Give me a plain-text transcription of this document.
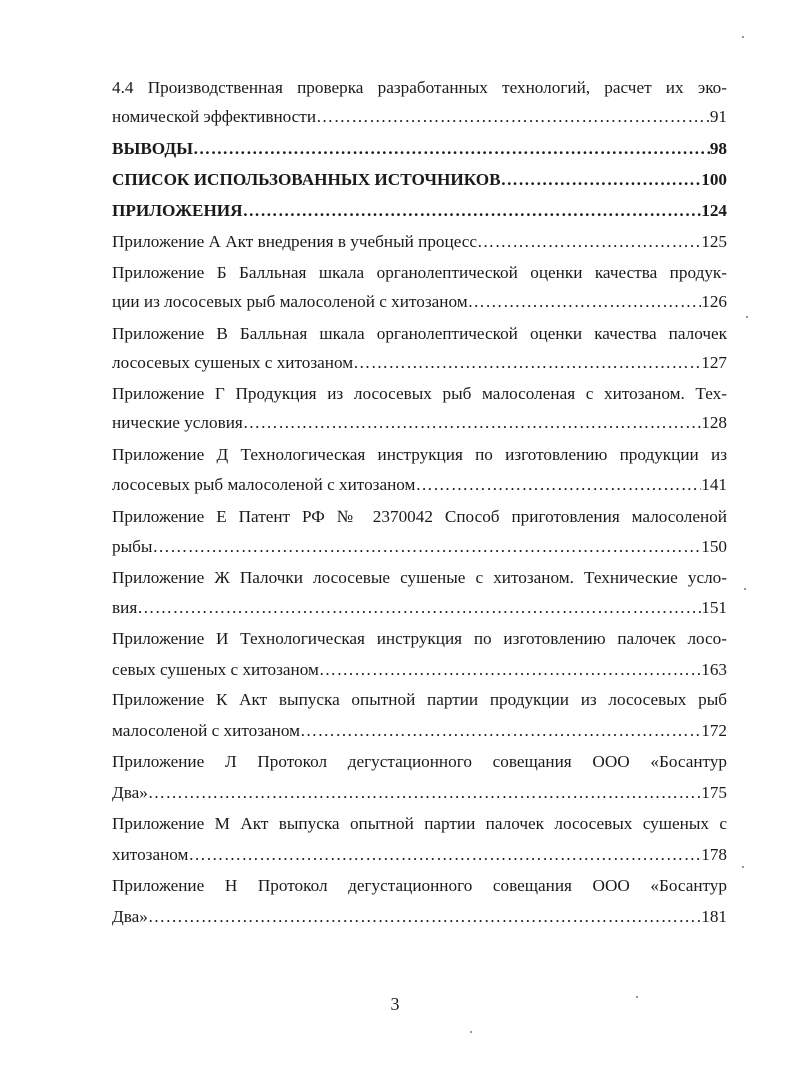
4.4 Производственная проверка разработанных технологий, расчет их эко-
номической эффективности ……………………………………………………………………………………………………………………………………………………………………………………………	91
ВЫВОДЫ ……………………………………………………………………………………………………………………………………………………………………………………………	98
СПИСОК ИСПОЛЬЗОВАННЫХ ИСТОЧНИКОВ ……………………………………………………………………………………………………………………………………………………………………………………………	100
ПРИЛОЖЕНИЯ ……………………………………………………………………………………………………………………………………………………………………………………………	124
Приложение А Акт внедрения в учебный процесс ……………………………………………………………………………………………………………………………………………………………………………………………	125
Приложение Б Балльная шкала органолептической оценки качества продук-
ции из лососевых рыб малосоленой с хитозаном ……………………………………………………………………………………………………………………………………………………………………………………………	126
Приложение В Балльная шкала органолептической оценки качества палочек
лососевых сушеных с хитозаном ……………………………………………………………………………………………………………………………………………………………………………………………	127
Приложение Г Продукция из лососевых рыб малосоленая с хитозаном. Тех-
нические условия ……………………………………………………………………………………………………………………………………………………………………………………………	128
Приложение Д Технологическая инструкция по изготовлению продукции из
лососевых рыб малосоленой с хитозаном ……………………………………………………………………………………………………………………………………………………………………………………………	141
Приложение Е Патент РФ № 2370042 Способ приготовления малосоленой
рыбы ……………………………………………………………………………………………………………………………………………………………………………………………	150
Приложение Ж Палочки лососевые сушеные с хитозаном. Технические усло-
вия ……………………………………………………………………………………………………………………………………………………………………………………………	151
Приложение И Технологическая инструкция по изготовлению палочек лосо-
севых сушеных с хитозаном ……………………………………………………………………………………………………………………………………………………………………………………………	163
Приложение К Акт выпуска опытной партии продукции из лососевых рыб
малосоленой с хитозаном ……………………………………………………………………………………………………………………………………………………………………………………………	172
Приложение Л Протокол дегустационного совещания ООО «Босантур
Два» ……………………………………………………………………………………………………………………………………………………………………………………………	175
Приложение М Акт выпуска опытной партии палочек лососевых сушеных с
хитозаном ……………………………………………………………………………………………………………………………………………………………………………………………	178
Приложение Н Протокол дегустационного совещания ООО «Босантур
Два» ……………………………………………………………………………………………………………………………………………………………………………………………	181
3
